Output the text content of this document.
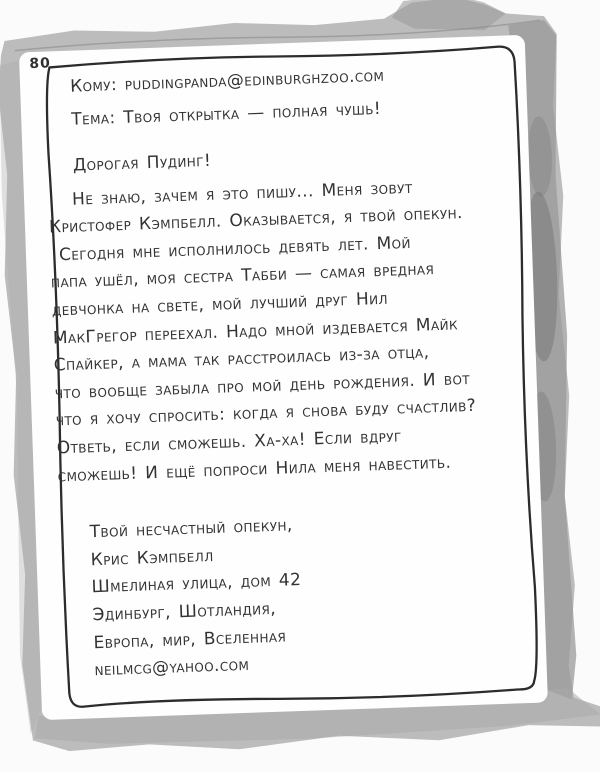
80
Кому: puddingpanda@edinburghzoo.com
Тема: Твоя открытка — полная чушь!
Дорогая Пудинг!
Не знаю, зачем я это пишу... Меня зовут
Кристофер Кэмпбелл. Оказывается, я твой опекун.
Сегодня мне исполнилось девять лет. Мой
папа ушёл, моя сестра Табби — самая вредная
девчонка на свете, мой лучший друг Нил
МакГрегор переехал. Надо мной издевается Майк
Спайкер, а мама так расстроилась из-за отца,
что вообще забыла про мой день рождения. И вот
что я хочу спросить: когда я снова буду счастлив?
Ответь, если сможешь. Ха-ха! Если вдруг
сможешь! И ещё попроси Нила меня навестить.
Твой несчастный опекун,
Крис Кэмпбелл
Шмелиная улица, дом 42
Эдинбург, Шотландия,
Европа, мир, Вселенная
neilmcg@yahoo.com
